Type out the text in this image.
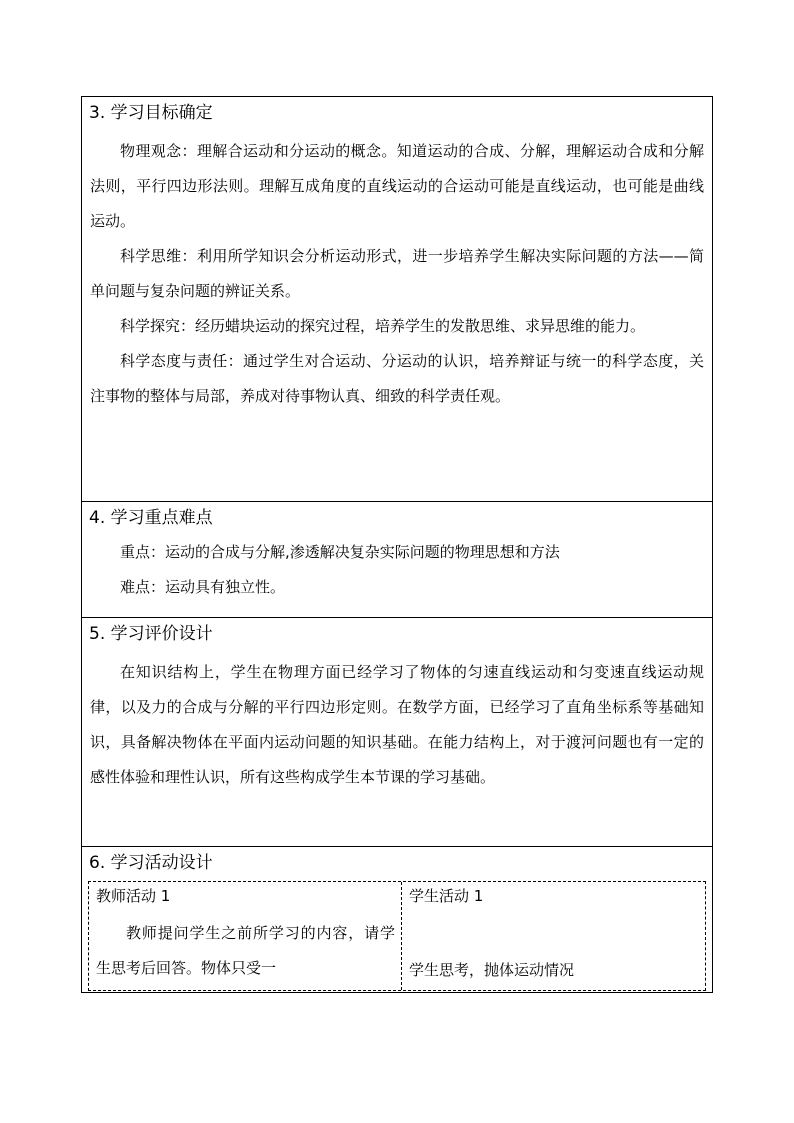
3. 学习目标确定
物理观念：理解合运动和分运动的概念。知道运动的合成、分解，理解运动合成和分解法则，平行四边形法则。理解互成角度的直线运动的合运动可能是直线运动，也可能是曲线运动。
科学思维：利用所学知识会分析运动形式，进一步培养学生解决实际问题的方法——简单问题与复杂问题的辨证关系。
科学探究：经历蜡块运动的探究过程，培养学生的发散思维、求异思维的能力。
科学态度与责任：通过学生对合运动、分运动的认识，培养辩证与统一的科学态度，关注事物的整体与局部，养成对待事物认真、细致的科学责任观。
4. 学习重点难点
重点：运动的合成与分解,渗透解决复杂实际问题的物理思想和方法
难点：运动具有独立性。
5. 学习评价设计
在知识结构上，学生在物理方面已经学习了物体的匀速直线运动和匀变速直线运动规律，以及力的合成与分解的平行四边形定则。在数学方面，已经学习了直角坐标系等基础知识，具备解决物体在平面内运动问题的知识基础。在能力结构上，对于渡河问题也有一定的感性体验和理性认识，所有这些构成学生本节课的学习基础。
6. 学习活动设计
教师活动 1
教师提问学生之前所学习的内容，请学生思考后回答。物体只受一
学生活动 1
学生思考，抛体运动情况
